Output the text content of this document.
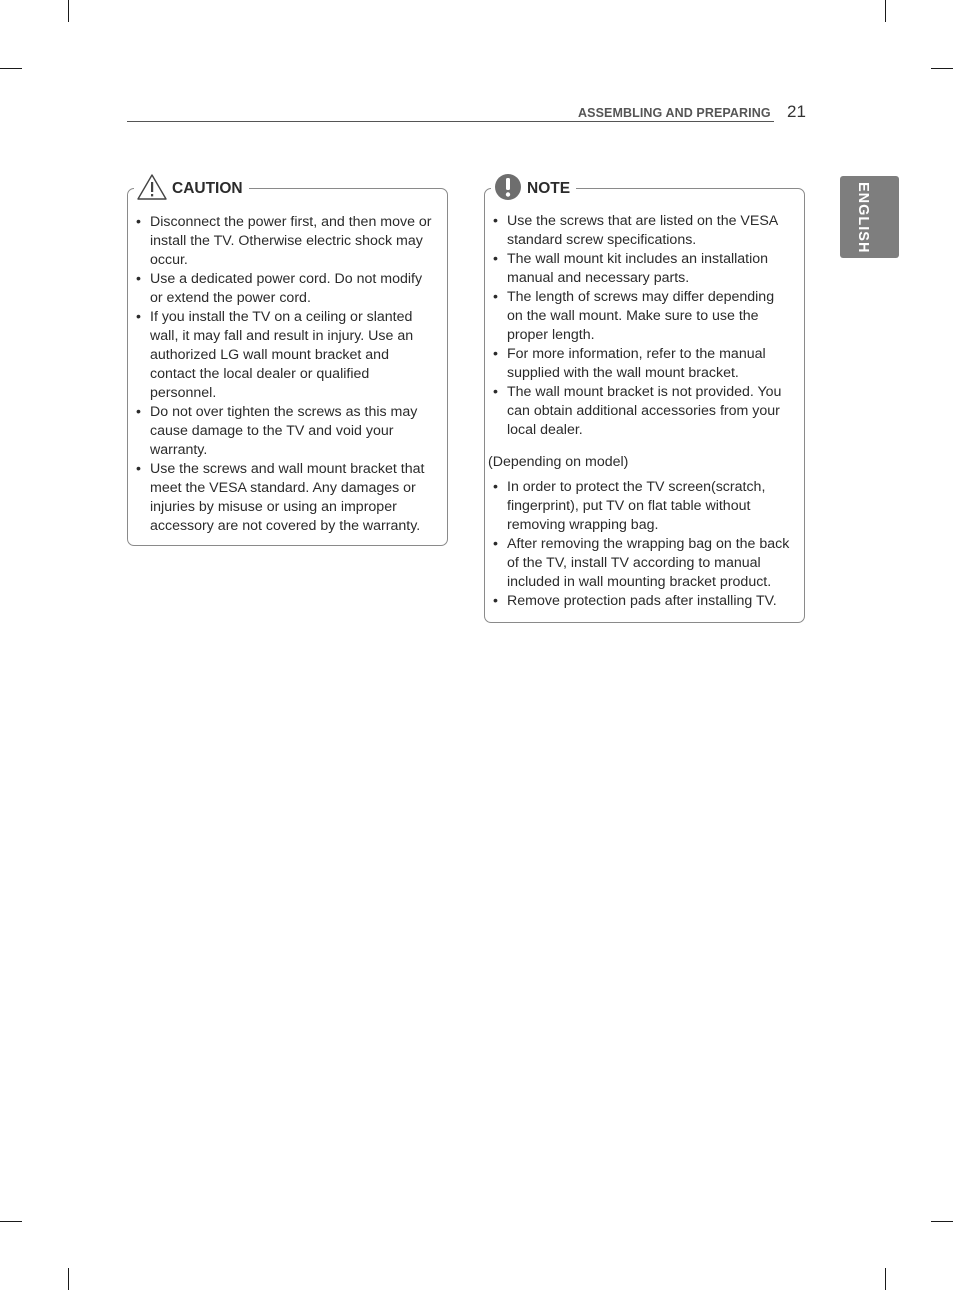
ASSEMBLING AND PREPARING 21
ENGLISH
CAUTION
• Disconnect the power first, and then move or install the TV. Otherwise electric shock may occur.
• Use a dedicated power cord. Do not modify or extend the power cord.
• If you install the TV on a ceiling or slanted wall, it may fall and result in injury. Use an authorized LG wall mount bracket and contact the local dealer or qualified personnel.
• Do not over tighten the screws as this may cause damage to the TV and void your warranty.
• Use the screws and wall mount bracket that meet the VESA standard. Any damages or injuries by misuse or using an improper accessory are not covered by the warranty.
NOTE
• Use the screws that are listed on the VESA standard screw specifications.
• The wall mount kit includes an installation manual and necessary parts.
• The length of screws may differ depending on the wall mount. Make sure to use the proper length.
• For more information, refer to the manual supplied with the wall mount bracket.
• The wall mount bracket is not provided. You can obtain additional accessories from your local dealer.
(Depending on model)
• In order to protect the TV screen(scratch, fingerprint), put TV on flat table without removing wrapping bag.
• After removing the wrapping bag on the back of the TV, install TV according to manual included in wall mounting bracket product.
• Remove protection pads after installing TV.
